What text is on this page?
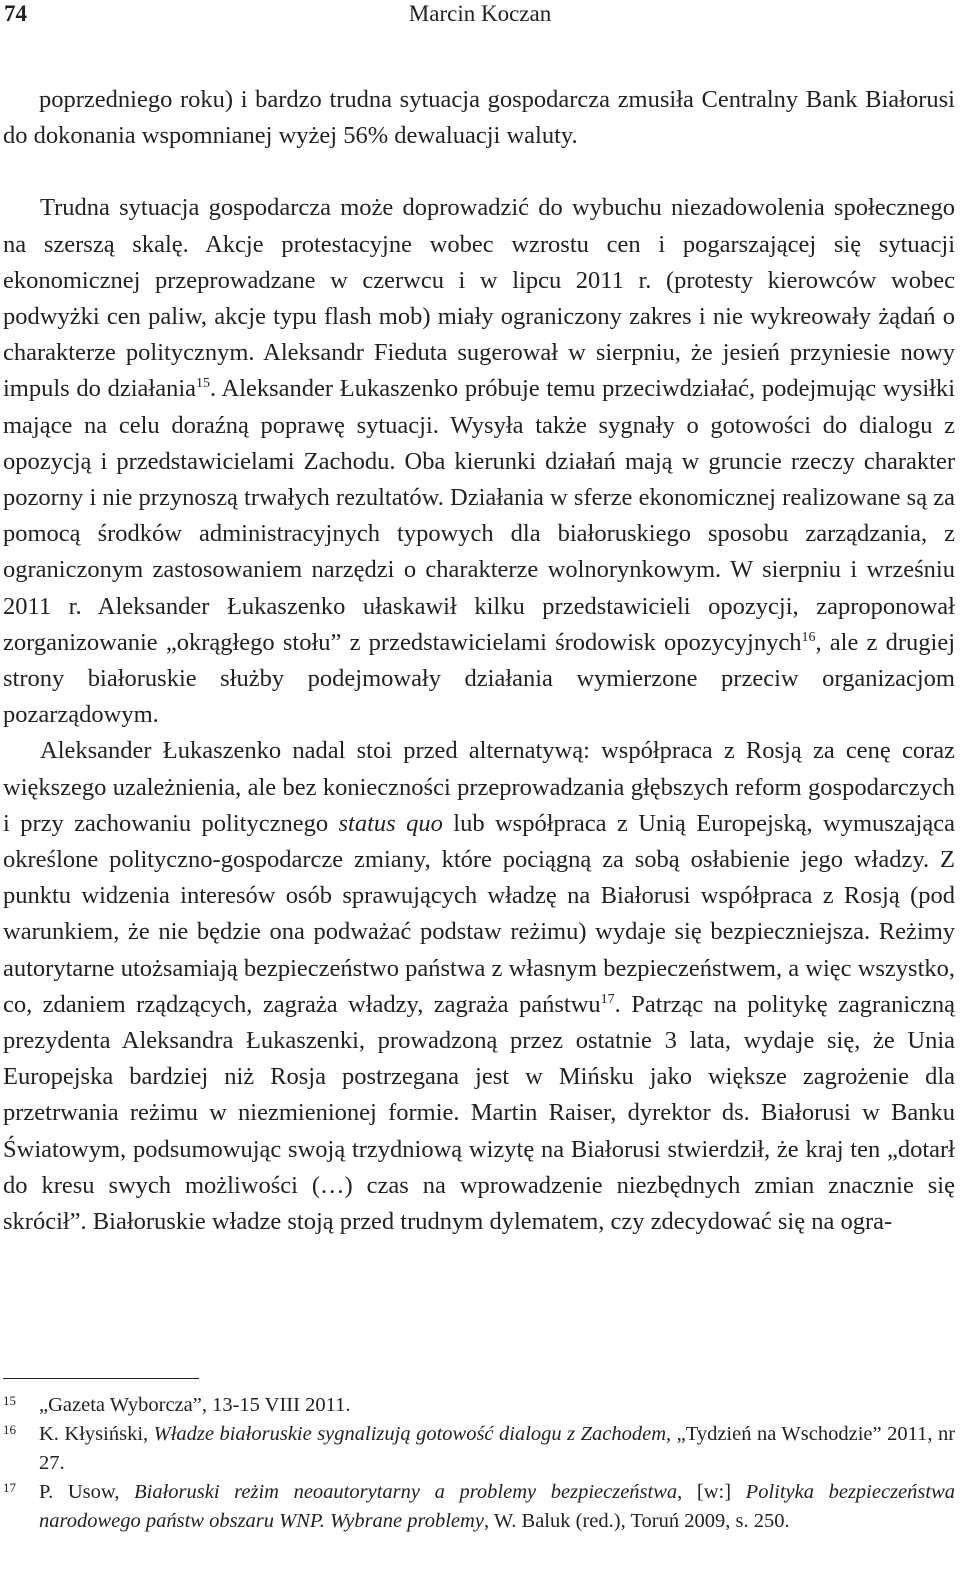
74	Marcin Koczan

poprzedniego roku) i bardzo trudna sytuacja gospodarcza zmusiła Centralny Bank Białorusi do dokonania wspomnianej wyżej 56% dewaluacji waluty.

Trudna sytuacja gospodarcza może doprowadzić do wybuchu niezadowolenia społecznego na szerszą skalę. Akcje protestacyjne wobec wzrostu cen i pogarszającej się sytuacji ekonomicznej przeprowadzane w czerwcu i w lipcu 2011 r. (protesty kierowców wobec podwyżki cen paliw, akcje typu flash mob) miały ograniczony zakres i nie wykreowały żądań o charakterze politycznym. Aleksandr Fieduta sugerował w sierpniu, że jesień przyniesie nowy impuls do działania$^{15}$. Aleksander Łukaszenko próbuje temu przeciwdziałać, podejmując wysiłki mające na celu doraźną poprawę sytuacji. Wysyła także sygnały o gotowości do dialogu z opozycją i przedstawicielami Zachodu. Oba kierunki działań mają w gruncie rzeczy charakter pozorny i nie przynoszą trwałych rezultatów. Działania w sferze ekonomicznej realizowane są za pomocą środków administracyjnych typowych dla białoruskiego sposobu zarządzania, z ograniczonym zastosowaniem narzędzi o charakterze wolnorynkowym. W sierpniu i wrześniu 2011 r. Aleksander Łukaszenko ułaskawił kilku przedstawicieli opozycji, zaproponował zorganizowanie „okrągłego stołu” z przedstawicielami środowisk opozycyjnych$^{16}$, ale z drugiej strony białoruskie służby podejmowały działania wymierzone przeciw organizacjom pozarządowym.

Aleksander Łukaszenko nadal stoi przed alternatywą: współpraca z Rosją za cenę coraz większego uzależnienia, ale bez konieczności przeprowadzania głębszych reform gospodarczych i przy zachowaniu politycznego status quo lub współpraca z Unią Europejską, wymuszająca określone polityczno-gospodarcze zmiany, które pociągną za sobą osłabienie jego władzy. Z punktu widzenia interesów osób sprawujących władzę na Białorusi współpraca z Rosją (pod warunkiem, że nie będzie ona podważać podstaw reżimu) wydaje się bezpieczniejsza. Reżimy autorytarne utożsamiają bezpieczeństwo państwa z własnym bezpieczeństwem, a więc wszystko, co, zdaniem rządzących, zagraża władzy, zagraża państwu$^{17}$. Patrząc na politykę zagraniczną prezydenta Aleksandra Łukaszenki, prowadzoną przez ostatnie 3 lata, wydaje się, że Unia Europejska bardziej niż Rosja postrzegana jest w Mińsku jako większe zagrożenie dla przetrwania reżimu w niezmienionej formie. Martin Raiser, dyrektor ds. Białorusi w Banku Światowym, podsumowując swoją trzydniową wizytę na Białorusi stwierdził, że kraj ten „dotarł do kresu swych możliwości (…) czas na wprowadzenie niezbędnych zmian znacznie się skrócił”. Białoruskie władze stoją przed trudnym dylematem, czy zdecydować się na ogra-

15	„Gazeta Wyborcza”, 13-15 VIII 2011.
16	K. Kłysiński, Władze białoruskie sygnalizują gotowość dialogu z Zachodem, „Tydzień na Wschodzie” 2011, nr 27.
17	P. Usow, Białoruski reżim neoautorytarny a problemy bezpieczeństwa, [w:] Polityka bezpieczeństwa narodowego państw obszaru WNP. Wybrane problemy, W. Baluk (red.), Toruń 2009, s. 250.
